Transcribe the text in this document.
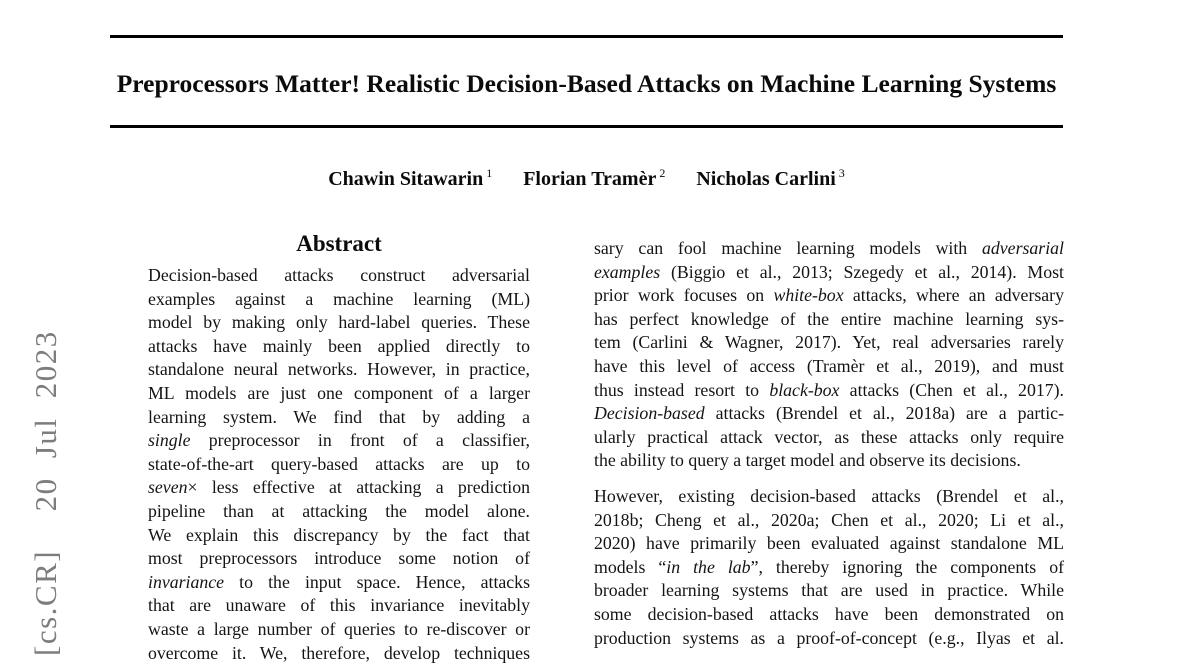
[cs.CR]  20 Jul 2023
Preprocessors Matter! Realistic Decision-Based Attacks on Machine Learning Systems
Chawin Sitawarin $^1$ Florian Tramèr $^2$ Nicholas Carlini $^3$
Abstract
Decision-based attacks construct adversarial
examples against a machine learning (ML)
model by making only hard-label queries. These
attacks have mainly been applied directly to
standalone neural networks. However, in practice,
ML models are just one component of a larger
learning system. We find that by adding a
single preprocessor in front of a classifier,
state-of-the-art query-based attacks are up to
seven× less effective at attacking a prediction
pipeline than at attacking the model alone.
We explain this discrepancy by the fact that
most preprocessors introduce some notion of
invariance to the input space. Hence, attacks
that are unaware of this invariance inevitably
waste a large number of queries to re-discover or
overcome it. We, therefore, develop techniques
sary can fool machine learning models with adversarial
examples (Biggio et al., 2013; Szegedy et al., 2014). Most
prior work focuses on white-box attacks, where an adversary
has perfect knowledge of the entire machine learning sys-
tem (Carlini & Wagner, 2017). Yet, real adversaries rarely
have this level of access (Tramèr et al., 2019), and must
thus instead resort to black-box attacks (Chen et al., 2017).
Decision-based attacks (Brendel et al., 2018a) are a partic-
ularly practical attack vector, as these attacks only require
the ability to query a target model and observe its decisions.
However, existing decision-based attacks (Brendel et al.,
2018b; Cheng et al., 2020a; Chen et al., 2020; Li et al.,
2020) have primarily been evaluated against standalone ML
models “in the lab”, thereby ignoring the components of
broader learning systems that are used in practice. While
some decision-based attacks have been demonstrated on
production systems as a proof-of-concept (e.g., Ilyas et al.
